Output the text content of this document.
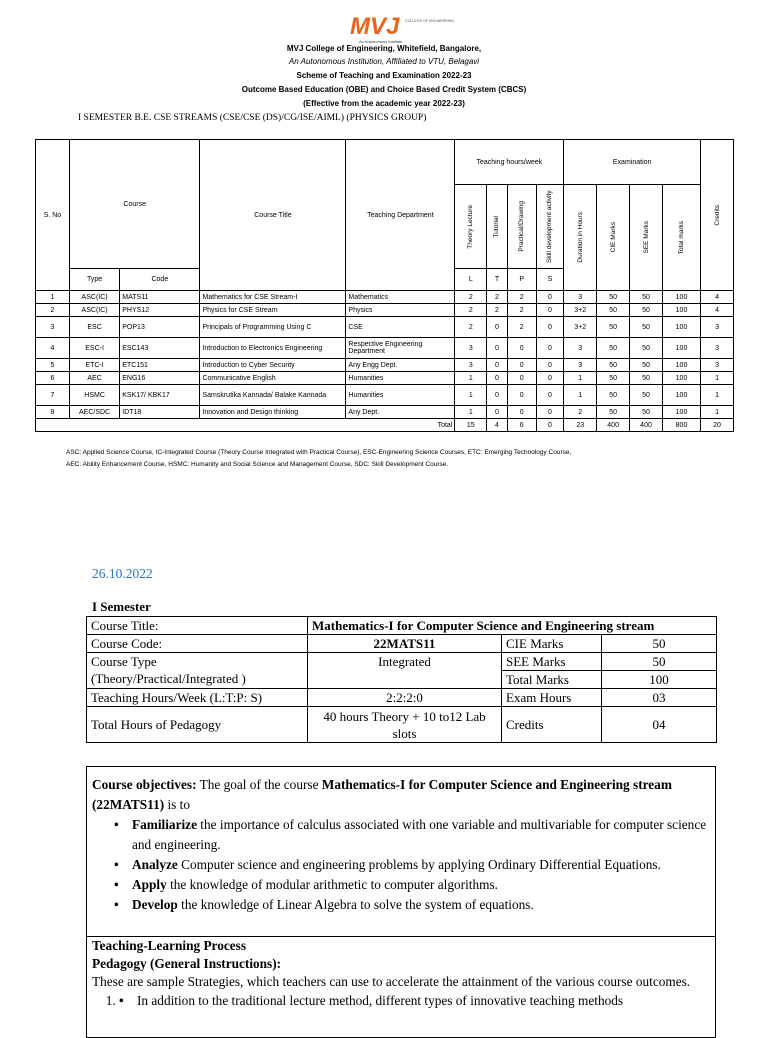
MVJ COLLEGE OF ENGINEERING
An Autonomous Institute
MVJ College of Engineering, Whitefield, Bangalore,
An Autonomous Institution, Affiliated to VTU, Belagavi
Scheme of Teaching and Examination 2022-23
Outcome Based Education (OBE) and Choice Based Credit System (CBCS)
(Effective from the academic year 2022-23)
I SEMESTER B.E. CSE STREAMS (CSE/CSE (DS)/CG/ISE/AIML) (PHYSICS GROUP)
S. No	Course		Course Title	Teaching Department	Teaching hours/week				Examination				Credits

					Theory Lecture	Tutorial	Practical/Drawing	Skill development activity	Duration in Hours	CIE Marks	SEE Marks	Total marks	

	Type	Code			L	T	P	S					
1	ASC(IC)	MATS11	Mathematics for CSE Stream-I	Mathematics	2	2	2	0	3	50	50	100	4
2	ASC(IC)	PHYS12	Physics for CSE Stream	Physics	2	2	2	0	3+2	50	50	100	4
3	ESC	POP13	Principals of Programming Using C	CSE	2	0	2	0	3+2	50	50	100	3
4	ESC-I	ESC143	Introduction to Electronics Engineering	Respective Engineering Department	3	0	0	0	3	50	50	100	3
5	ETC-I	ETC151	Introduction to Cyber Security	Any Engg Dept.	3	0	0	0	3	50	50	100	3
6	AEC	ENG16	Communicative English	Humanities	1	0	0	0	1	50	50	100	1
7	HSMC	KSK17/ KBK17	Samskrutika Kannada/ Balake Kannada	Humanities	1	0	0	0	1	50	50	100	1
8	AEC/SDC	IDT18	Innovation and Design thinking	Any Dept.	1	0	0	0	2	50	50	100	1
Total					15	4	6	0	23	400	400	800	20
ASC: Applied Science Course, IC-Integrated Course (Theory Course Integrated with Practical Course), ESC-Engineering Science Courses, ETC: Emerging Technology Course,
AEC: Ability Enhancement Course, HSMC: Humanity and Social Science and Management Course, SDC: Skill Development Course.
26.10.2022
I Semester
Course Title:	Mathematics-I for Computer Science and Engineering stream		
Course Code:	22MATS11	CIE Marks	50
Course Type
(Theory/Practical/Integrated )	Integrated	SEE Marks	50
		Total Marks	100
Teaching Hours/Week (L:T:P: S)	2:2:2:0	Exam Hours	03
Total Hours of Pedagogy	40 hours Theory + 10 to12 Lab slots	Credits	04
Course objectives: The goal of the course Mathematics-I for Computer Science and Engineering stream (22MATS11) is to
• Familiarize the importance of calculus associated with one variable and multivariable for computer science and engineering.
• Analyze Computer science and engineering problems by applying Ordinary Differential Equations.
• Apply the knowledge of modular arithmetic to computer algorithms.
• Develop the knowledge of Linear Algebra to solve the system of equations.
Teaching-Learning Process
Pedagogy (General Instructions):
These are sample Strategies, which teachers can use to accelerate the attainment of the various course outcomes.
• 1. In addition to the traditional lecture method, different types of innovative teaching methods
